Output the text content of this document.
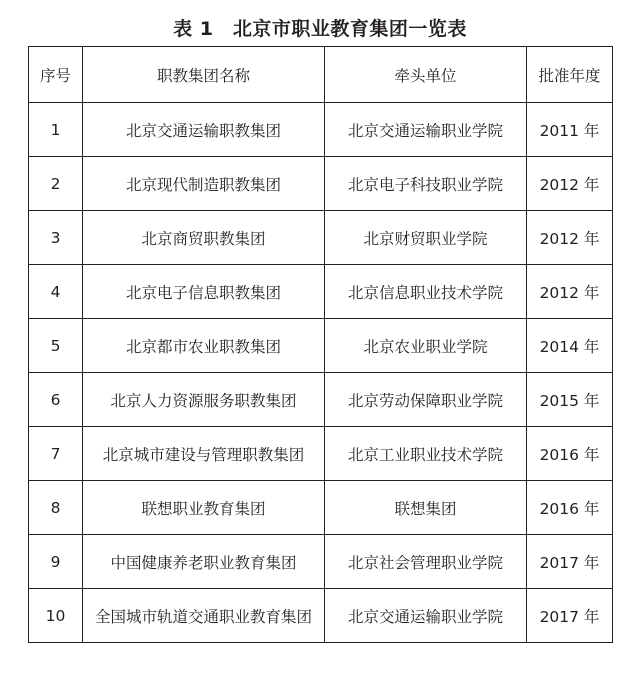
表 1　北京市职业教育集团一览表
序号	职教集团名称	牵头单位	批准年度
1	北京交通运输职教集团	北京交通运输职业学院	2011 年
2	北京现代制造职教集团	北京电子科技职业学院	2012 年
3	北京商贸职教集团	北京财贸职业学院	2012 年
4	北京电子信息职教集团	北京信息职业技术学院	2012 年
5	北京都市农业职教集团	北京农业职业学院	2014 年
6	北京人力资源服务职教集团	北京劳动保障职业学院	2015 年
7	北京城市建设与管理职教集团	北京工业职业技术学院	2016 年
8	联想职业教育集团	联想集团	2016 年
9	中国健康养老职业教育集团	北京社会管理职业学院	2017 年
10	全国城市轨道交通职业教育集团	北京交通运输职业学院	2017 年
